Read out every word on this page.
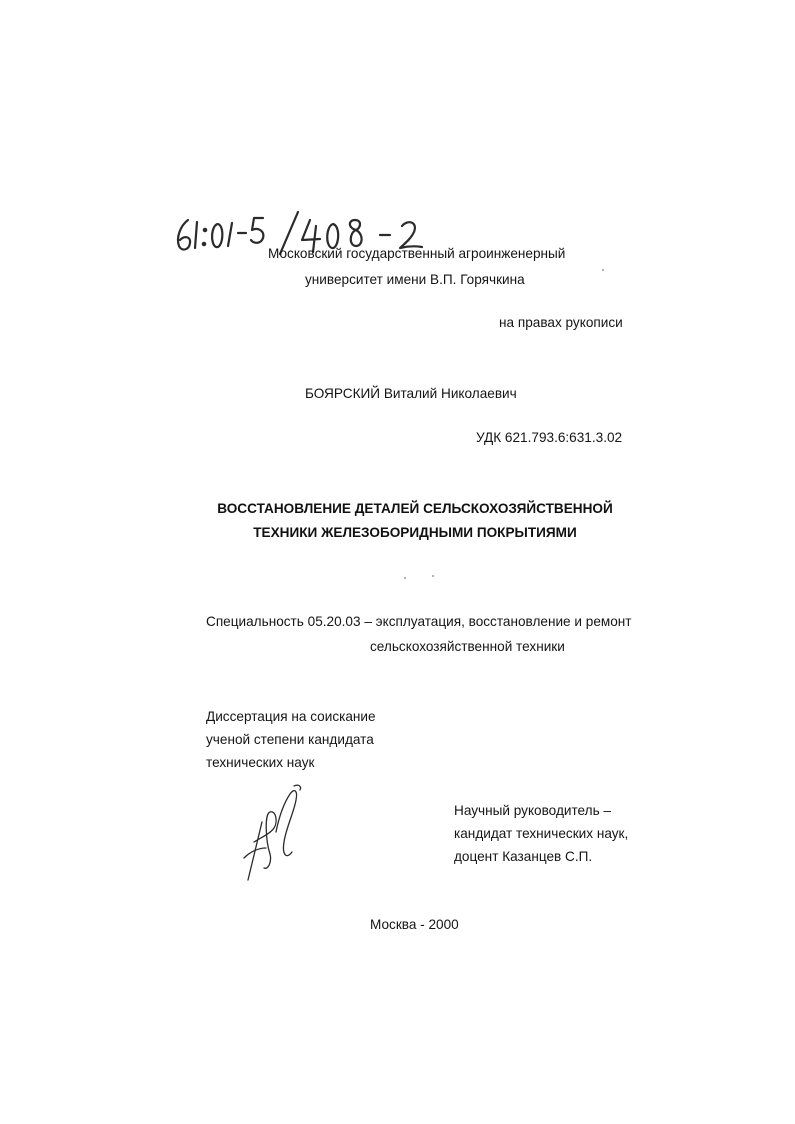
Московский государственный агроинженерный
университет имени В.П. Горячкина
на правах рукописи
БОЯРСКИЙ Виталий Николаевич
УДК 621.793.6:631.3.02
ВОССТАНОВЛЕНИЕ ДЕТАЛЕЙ СЕЛЬСКОХОЗЯЙСТВЕННОЙ
ТЕХНИКИ ЖЕЛЕЗОБОРИДНЫМИ ПОКРЫТИЯМИ
Специальность 05.20.03 – эксплуатация, восстановление и ремонт
сельскохозяйственной техники
Диссертация на соискание
ученой степени кандидата
технических наук
Научный руководитель –
кандидат технических наук,
доцент Казанцев С.П.
Москва - 2000
